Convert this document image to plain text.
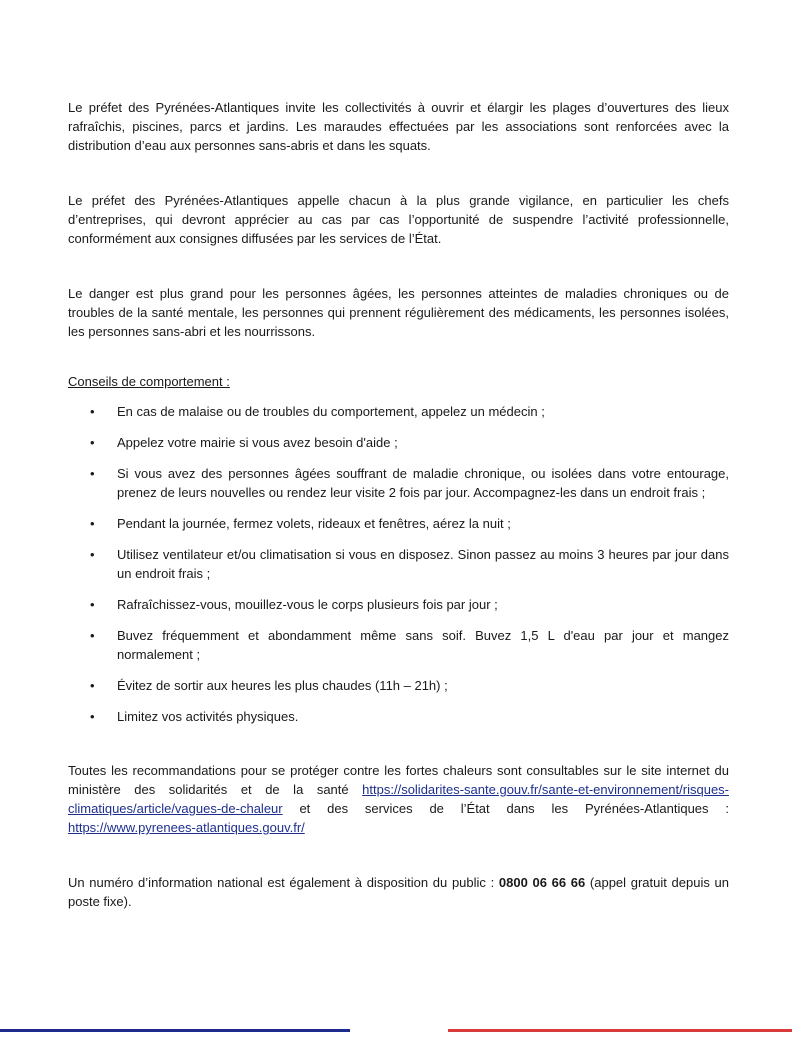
Le préfet des Pyrénées-Atlantiques invite les collectivités à ouvrir et élargir les plages d’ouvertures des lieux rafraîchis, piscines, parcs et jardins. Les maraudes effectuées par les associations sont renforcées avec la distribution d’eau aux personnes sans-abris et dans les squats.

Le préfet des Pyrénées-Atlantiques appelle chacun à la plus grande vigilance, en particulier les chefs d’entreprises, qui devront apprécier au cas par cas l’opportunité de suspendre l’activité professionnelle, conformément aux consignes diffusées par les services de l’État.

Le danger est plus grand pour les personnes âgées, les personnes atteintes de maladies chroniques ou de troubles de la santé mentale, les personnes qui prennent régulièrement des médicaments, les personnes isolées, les personnes sans-abri et les nourrissons.

Conseils de comportement :

• En cas de malaise ou de troubles du comportement, appelez un médecin ;
• Appelez votre mairie si vous avez besoin d'aide ;
• Si vous avez des personnes âgées souffrant de maladie chronique, ou isolées dans votre entourage, prenez de leurs nouvelles ou rendez leur visite 2 fois par jour. Accompagnez-les dans un endroit frais ;
• Pendant la journée, fermez volets, rideaux et fenêtres, aérez la nuit ;
• Utilisez ventilateur et/ou climatisation si vous en disposez. Sinon passez au moins 3 heures par jour dans un endroit frais ;
• Rafraîchissez-vous, mouillez-vous le corps plusieurs fois par jour ;
• Buvez fréquemment et abondamment même sans soif. Buvez 1,5 L d'eau par jour et mangez normalement ;
• Évitez de sortir aux heures les plus chaudes (11h – 21h) ;
• Limitez vos activités physiques.

Toutes les recommandations pour se protéger contre les fortes chaleurs sont consultables sur le site internet du ministère des solidarités et de la santé https://solidarites-sante.gouv.fr/sante-et-environnement/risques-climatiques/article/vagues-de-chaleur et des services de l’État dans les Pyrénées-Atlantiques : https://www.pyrenees-atlantiques.gouv.fr/

Un numéro d’information national est également à disposition du public : 0800 06 66 66 (appel gratuit depuis un poste fixe).
